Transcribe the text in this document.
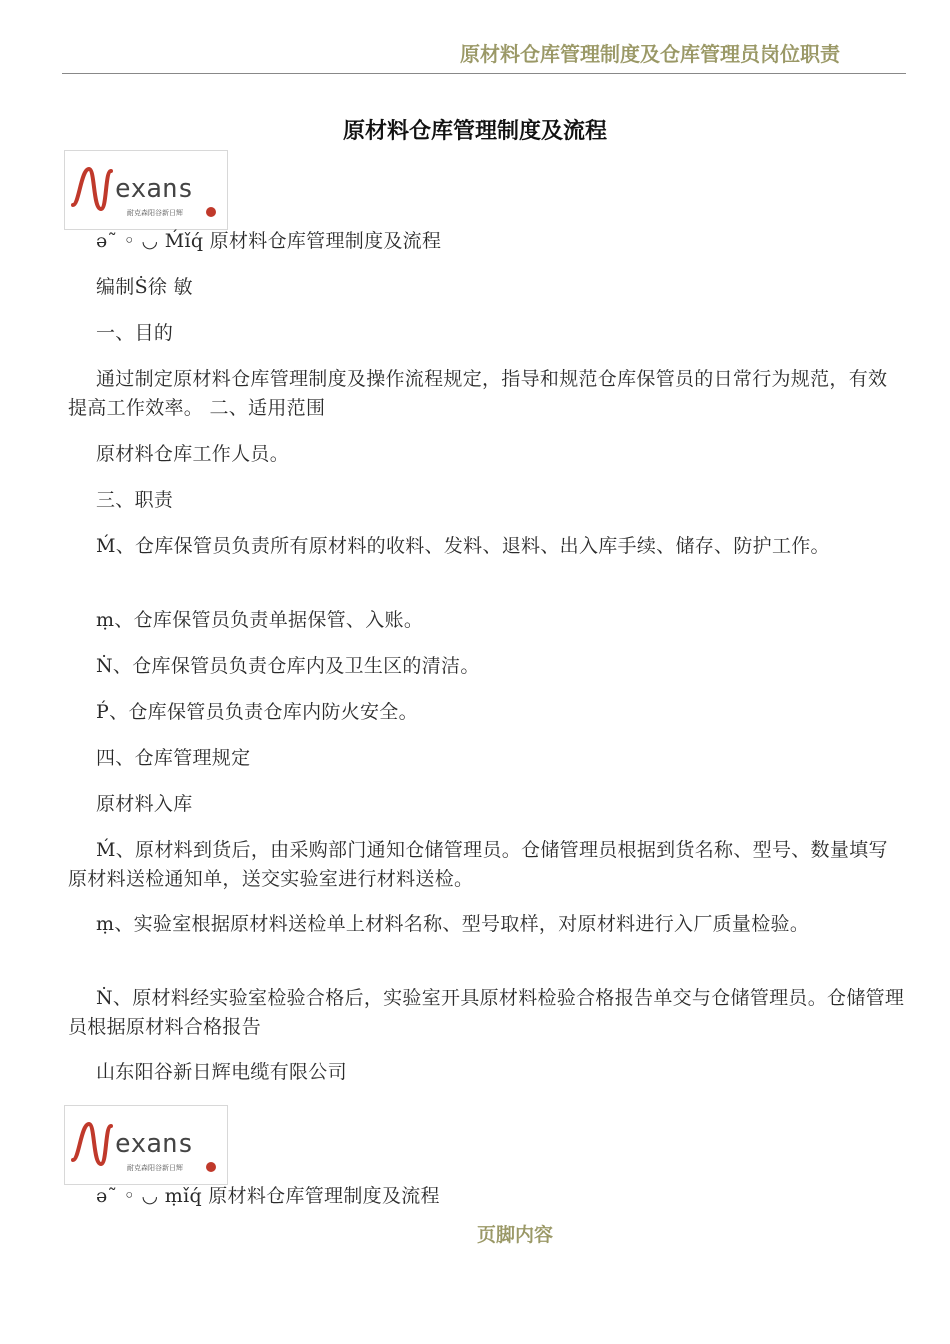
原材料仓库管理制度及仓库管理员岗位职责
原材料仓库管理制度及流程
exans
耐克森阳谷新日辉
ǝ˜ ◦ ◡ Ḿǐq́ 原材料仓库管理制度及流程
编制Ṡ徐 敏
一、目的
通过制定原材料仓库管理制度及操作流程规定，指导和规范仓库保管员的日常行为规范，有效提高工作效率。 二、适用范围
原材料仓库工作人员。
三、职责
Ḿ、仓库保管员负责所有原材料的收料、发料、退料、出入库手续、储存、防护工作。
ṃ、仓库保管员负责单据保管、入账。
Ṅ、仓库保管员负责仓库内及卫生区的清洁。
Ṕ、仓库保管员负责仓库内防火安全。
四、仓库管理规定
原材料入库
Ḿ、原材料到货后，由采购部门通知仓储管理员。仓储管理员根据到货名称、型号、数量填写原材料送检通知单，送交实验室进行材料送检。
ṃ、实验室根据原材料送检单上材料名称、型号取样，对原材料进行入厂质量检验。
Ṅ、原材料经实验室检验合格后，实验室开具原材料检验合格报告单交与仓储管理员。仓储管理员根据原材料合格报告
山东阳谷新日辉电缆有限公司
exans
耐克森阳谷新日辉
ǝ˜ ◦ ◡ ṃǐq́ 原材料仓库管理制度及流程
页脚内容
